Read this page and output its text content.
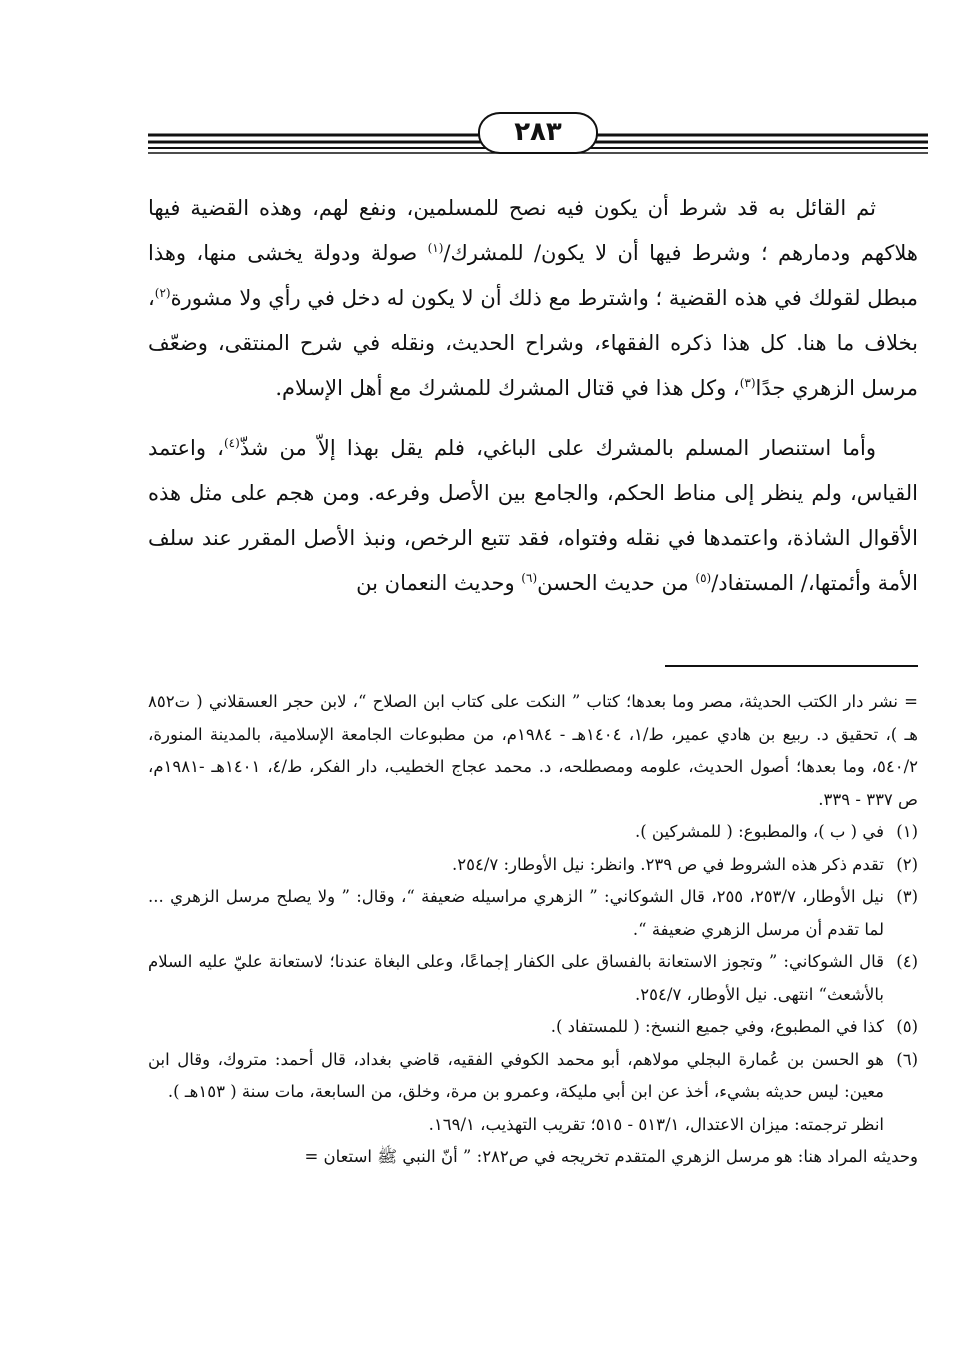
٢٨٣

ثم القائل به قد شرط أن يكون فيه نصح للمسلمين، ونفع لهم، وهذه القضية فيها هلاكهم ودمارهم ؛ وشرط فيها أن لا يكون/ للمشرك/$^{(١)}$ صولة ودولة يخشى منها، وهذا مبطل لقولك في هذه القضية ؛ واشترط مع ذلك أن لا يكون له دخل في رأي ولا مشورة$^{(٢)}$، بخلاف ما هنا. كل هذا ذكره الفقهاء، وشراح الحديث، ونقله في شرح المنتقى، وضعّف مرسل الزهري جدًا$^{(٣)}$، وكل هذا في قتال المشرك للمشرك مع أهل الإسلام.

وأما استنصار المسلم بالمشرك على الباغي، فلم يقل بهذا إلاّ من شذّ$^{(٤)}$، واعتمد القياس، ولم ينظر إلى مناط الحكم، والجامع بين الأصل وفرعه. ومن هجم على مثل هذه الأقوال الشاذة، واعتمدها في نقله وفتواه، فقد تتبع الرخص، ونبذ الأصل المقرر عند سلف الأمة وأئمتها،/ المستفاد/$^{(٥)}$ من حديث الحسن$^{(٦)}$ وحديث النعمان بن

= نشر دار الكتب الحديثة، مصر وما بعدها؛ كتاب ” النكت على كتاب ابن الصلاح “، لابن حجر العسقلاني ( ت٨٥٢ هـ )، تحقيق د. ربيع بن هادي عمير، ط/١، ١٤٠٤هـ - ١٩٨٤م، من مطبوعات الجامعة الإسلامية، بالمدينة المنورة، ٥٤٠/٢، وما بعدها؛ أصول الحديث، علومه ومصطلحه، د. محمد عجاج الخطيب، دار الفكر، ط/٤، ١٤٠١هـ -١٩٨١م، ص ٣٣٧ - ٣٣٩.

(١)
في ( ب )، والمطبوع: ( للمشركين ).

(٢)
تقدم ذكر هذه الشروط في ص ٢٣٩. وانظر: نيل الأوطار: ٢٥٤/٧.

(٣)
نيل الأوطار، ٢٥٣/٧، ٢٥٥، قال الشوكاني: ” الزهري مراسيله ضعيفة “، وقال: ” ولا يصلح مرسل الزهري ... لما تقدم أن مرسل الزهري ضعيفة “.

(٤)
قال الشوكاني: ” وتجوز الاستعانة بالفساق على الكفار إجماعًا، وعلى البغاة عندنا؛ لاستعانة عليّ عليه السلام بالأشعث“ انتهى. نيل الأوطار، ٢٥٤/٧.

(٥)
كذا في المطبوع، وفي جميع النسخ: ( للمستفاد ).

(٦)
هو الحسن بن عُمارة البجلي مولاهم، أبو محمد الكوفي الفقيه، قاضي بغداد، قال أحمد: متروك، وقال ابن معين: ليس حديثه بشيء، أخذ عن ابن أبي مليكة، وعمرو بن مرة، وخلق، من السابعة، مات سنة ( ١٥٣هـ ).

انظر ترجمته: ميزان الاعتدال، ٥١٣/١ - ٥١٥؛ تقريب التهذيب، ١٦٩/١.

وحديثه المراد هنا: هو مرسل الزهري المتقدم تخريجه في ص٢٨٢: ” أنّ النبي ﷺ استعان =
